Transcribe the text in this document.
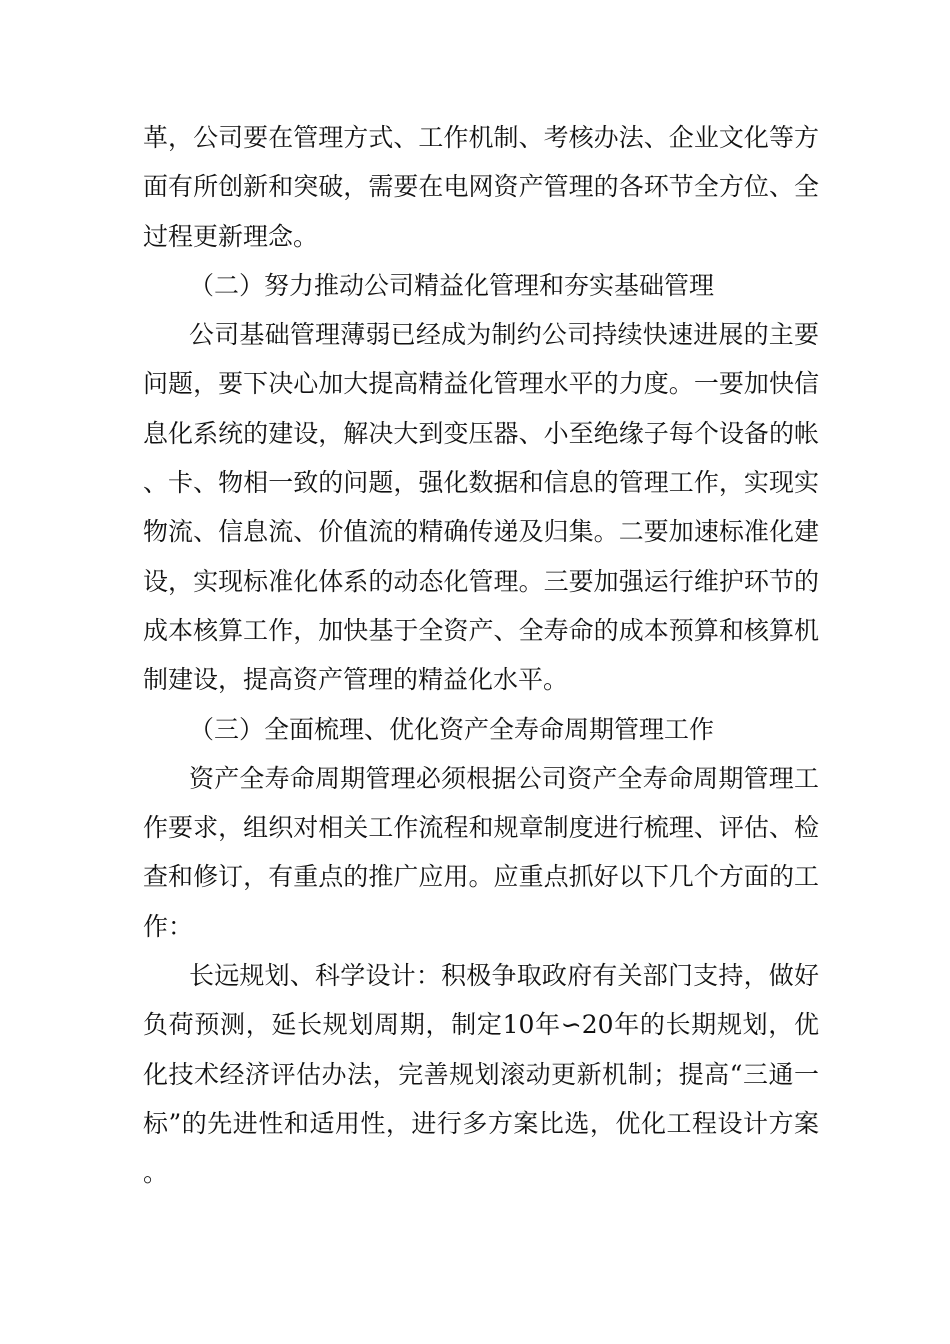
革，公司要在管理方式、工作机制、考核办法、企业文化等方面有所创新和突破，需要在电网资产管理的各环节全方位、全过程更新理念。

（二）努力推动公司精益化管理和夯实基础管理

公司基础管理薄弱已经成为制约公司持续快速进展的主要问题，要下决心加大提高精益化管理水平的力度。一要加快信息化系统的建设，解决大到变压器、小至绝缘子每个设备的帐、卡、物相一致的问题，强化数据和信息的管理工作，实现实物流、信息流、价值流的精确传递及归集。二要加速标准化建设，实现标准化体系的动态化管理。三要加强运行维护环节的成本核算工作，加快基于全资产、全寿命的成本预算和核算机制建设，提高资产管理的精益化水平。

（三）全面梳理、优化资产全寿命周期管理工作

资产全寿命周期管理必须根据公司资产全寿命周期管理工作要求，组织对相关工作流程和规章制度进行梳理、评估、检查和修订，有重点的推广应用。应重点抓好以下几个方面的工作：

长远规划、科学设计：积极争取政府有关部门支持，做好负荷预测，延长规划周期，制定10年∽20年的长期规划，优化技术经济评估办法，完善规划滚动更新机制；提高“三通一标”的先进性和适用性，进行多方案比选，优化工程设计方案。
